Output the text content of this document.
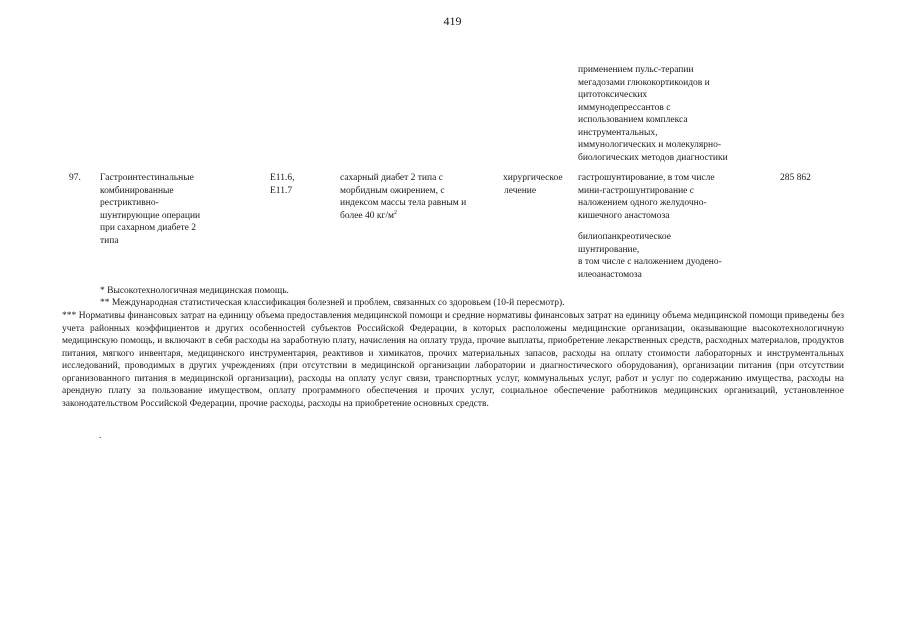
419
применением пульс-терапии
мегадозами глюкокортикоидов и
цитотоксических
иммунодепрессантов с
использованием комплекса
инструментальных,
иммунологических и молекулярно-
биологических методов диагностики
97. Гастроинтестинальные
комбинированные
рестриктивно-
шунтирующие операции
при сахарном диабете 2
типа
E11.6,
E11.7
сахарный диабет 2 типа с
морбидным ожирением, с
индексом массы тела равным и
более 40 $кг/м^2$
хирургическое
лечение
гастрошунтирование, в том числе
мини-гастрошунтирование с
наложением одного желудочно-
кишечного анастомоза
билиопанкреотическое
шунтирование,
в том числе с наложением дуодено-
илеоанастомоза
285 862
* Высокотехнологичная медицинская помощь.
** Международная статистическая классификация болезней и проблем, связанных со здоровьем (10-й пересмотр).
*** Нормативы финансовых затрат на единицу объема предоставления медицинской помощи и средние нормативы финансовых затрат на единицу объема медицинской помощи приведены без учета районных коэффициентов и других особенностей субъектов Российской Федерации, в которых расположены медицинские организации, оказывающие высокотехнологичную медицинскую помощь, и включают в себя расходы на заработную плату, начисления на оплату труда, прочие выплаты, приобретение лекарственных средств, расходных материалов, продуктов питания, мягкого инвентаря, медицинского инструментария, реактивов и химикатов, прочих материальных запасов, расходы на оплату стоимости лабораторных и инструментальных исследований, проводимых в других учреждениях (при отсутствии в медицинской организации лаборатории и диагностического оборудования), организации питания (при отсутствии организованного питания в медицинской организации), расходы на оплату услуг связи, транспортных услуг, коммунальных услуг, работ и услуг по содержанию имущества, расходы на арендную плату за пользование имуществом, оплату программного обеспечения и прочих услуг, социальное обеспечение работников медицинских организаций, установленное законодательством Российской Федерации, прочие расходы, расходы на приобретение основных средств.
.
